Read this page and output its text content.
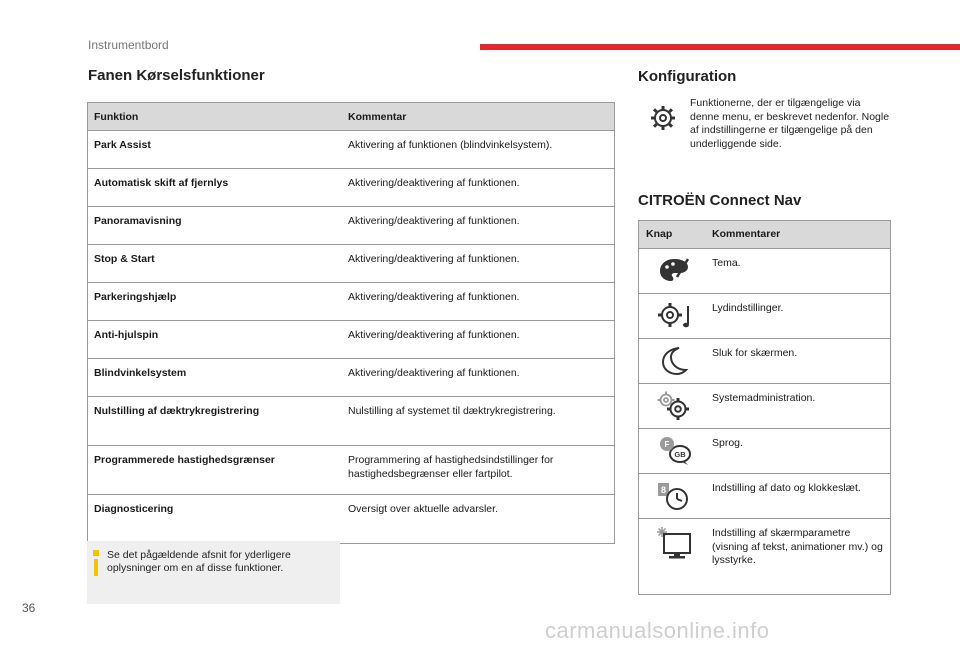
Instrumentbord
Fanen Kørselsfunktioner
Funktion	Kommentar
Park Assist	Aktivering af funktionen (blindvinkelsystem).
Automatisk skift af fjernlys	Aktivering/deaktivering af funktionen.
Panoramavisning	Aktivering/deaktivering af funktionen.
Stop & Start	Aktivering/deaktivering af funktionen.
Parkeringshjælp	Aktivering/deaktivering af funktionen.
Anti-hjulspin	Aktivering/deaktivering af funktionen.
Blindvinkelsystem	Aktivering/deaktivering af funktionen.
Nulstilling af dæktrykregistrering	Nulstilling af systemet til dæktrykregistrering.
Programmerede hastighedsgrænser	Programmering af hastighedsindstillinger for hastighedsbegrænser eller fartpilot.
Diagnosticering	Oversigt over aktuelle advarsler.
Se det pågældende afsnit for yderligere oplysninger om en af disse funktioner.
Konfiguration
Funktionerne, der er tilgængelige via denne menu, er beskrevet nedenfor. Nogle af indstillingerne er tilgængelige på den underliggende side.
CITROËN Connect Nav
Knap	Kommentarer
	Tema.
	Lydindstillinger.
	Sluk for skærmen.
	Systemadministration.

F
GB	Sprog.

8	Indstilling af dato og klokkeslæt.
	Indstilling af skærmparametre (visning af tekst, animationer mv.) og lysstyrke.
36
carmanualsonline.info
